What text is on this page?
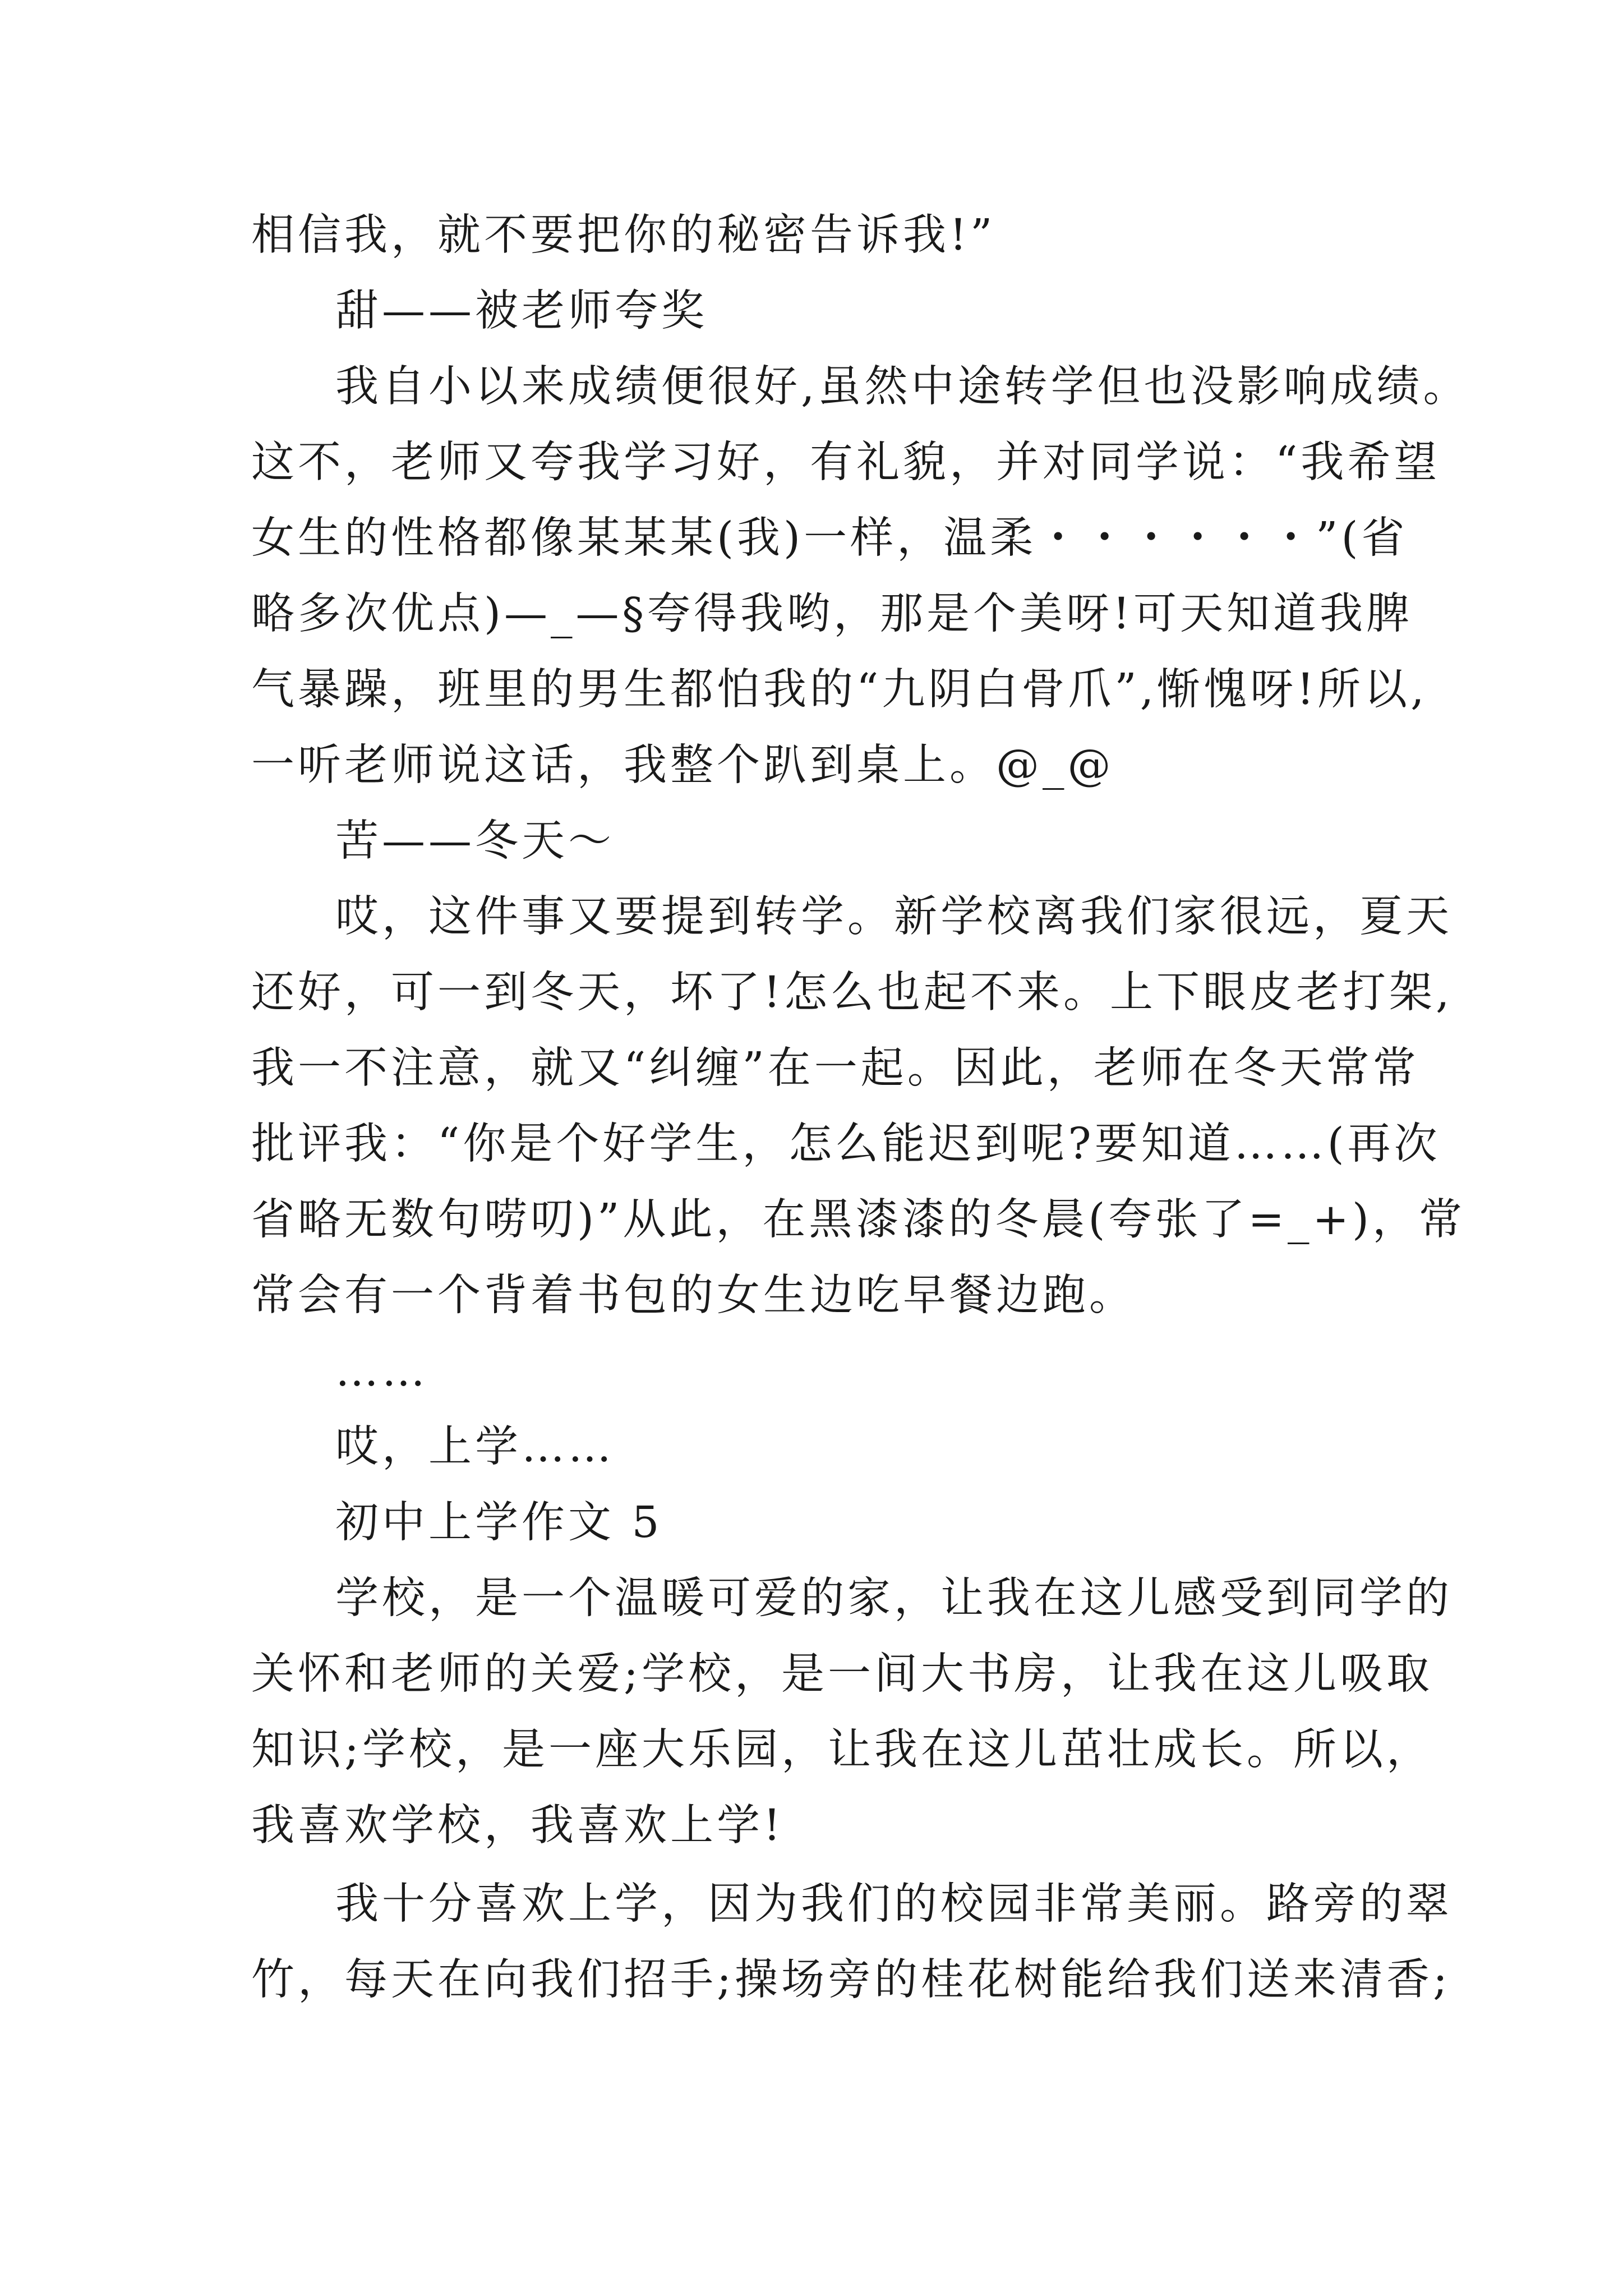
相信我，就不要把你的秘密告诉我!”
甜——被老师夸奖
我自小以来成绩便很好,虽然中途转学但也没影响成绩。
这不，老师又夸我学习好，有礼貌，并对同学说：“我希望
女生的性格都像某某某(我)一样，温柔・・・・・・”(省
略多次优点)—_—§夸得我哟，那是个美呀!可天知道我脾
气暴躁，班里的男生都怕我的“九阴白骨爪”,惭愧呀!所以,
一听老师说这话，我整个趴到桌上。@_@
苦——冬天～
哎，这件事又要提到转学。新学校离我们家很远，夏天
还好，可一到冬天，坏了!怎么也起不来。上下眼皮老打架,
我一不注意，就又“纠缠”在一起。因此，老师在冬天常常
批评我：“你是个好学生，怎么能迟到呢?要知道……(再次
省略无数句唠叨)”从此，在黑漆漆的冬晨(夸张了=_+)，常
常会有一个背着书包的女生边吃早餐边跑。
……
哎，上学……
初中上学作文 5
学校，是一个温暖可爱的家，让我在这儿感受到同学的
关怀和老师的关爱;学校，是一间大书房，让我在这儿吸取
知识;学校，是一座大乐园，让我在这儿茁壮成长。所以，
我喜欢学校，我喜欢上学!
我十分喜欢上学，因为我们的校园非常美丽。路旁的翠
竹，每天在向我们招手;操场旁的桂花树能给我们送来清香;
